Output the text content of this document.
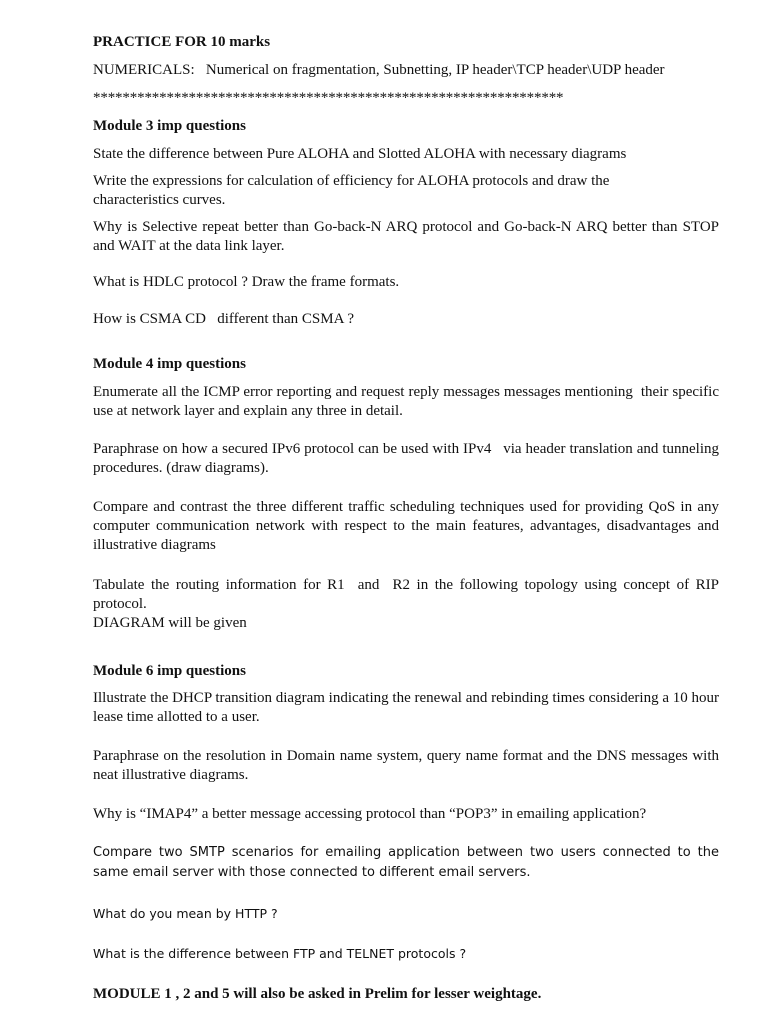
PRACTICE FOR 10 marks
NUMERICALS:   Numerical on fragmentation, Subnetting, IP header\TCP header\UDP header
****************************************************************
Module 3 imp questions
State the difference between Pure ALOHA and Slotted ALOHA with necessary diagrams
Write the expressions for calculation of efficiency for ALOHA protocols and draw the characteristics curves.
Why is Selective repeat better than Go-back-N ARQ protocol and Go-back-N ARQ better than STOP and WAIT at the data link layer.
What is HDLC protocol ? Draw the frame formats.
How is CSMA CD   different than CSMA ?
Module 4 imp questions
Enumerate all the ICMP error reporting and request reply messages messages mentioning  their specific use at network layer and explain any three in detail.
Paraphrase on how a secured IPv6 protocol can be used with IPv4   via header translation and tunneling procedures. (draw diagrams).
Compare and contrast the three different traffic scheduling techniques used for providing QoS in any computer communication network with respect to the main features, advantages, disadvantages and illustrative diagrams
Tabulate the routing information for R1  and  R2 in the following topology using concept of RIP protocol.
DIAGRAM will be given
Module 6 imp questions
Illustrate the DHCP transition diagram indicating the renewal and rebinding times considering a 10 hour lease time allotted to a user.
Paraphrase on the resolution in Domain name system, query name format and the DNS messages with neat illustrative diagrams.
Why is “IMAP4” a better message accessing protocol than “POP3” in emailing application?
Compare two SMTP scenarios for emailing application between two users connected to the same email server with those connected to different email servers.
What do you mean by HTTP ?
What is the difference between FTP and TELNET protocols ?
MODULE 1 , 2 and 5 will also be asked in Prelim for lesser weightage.
